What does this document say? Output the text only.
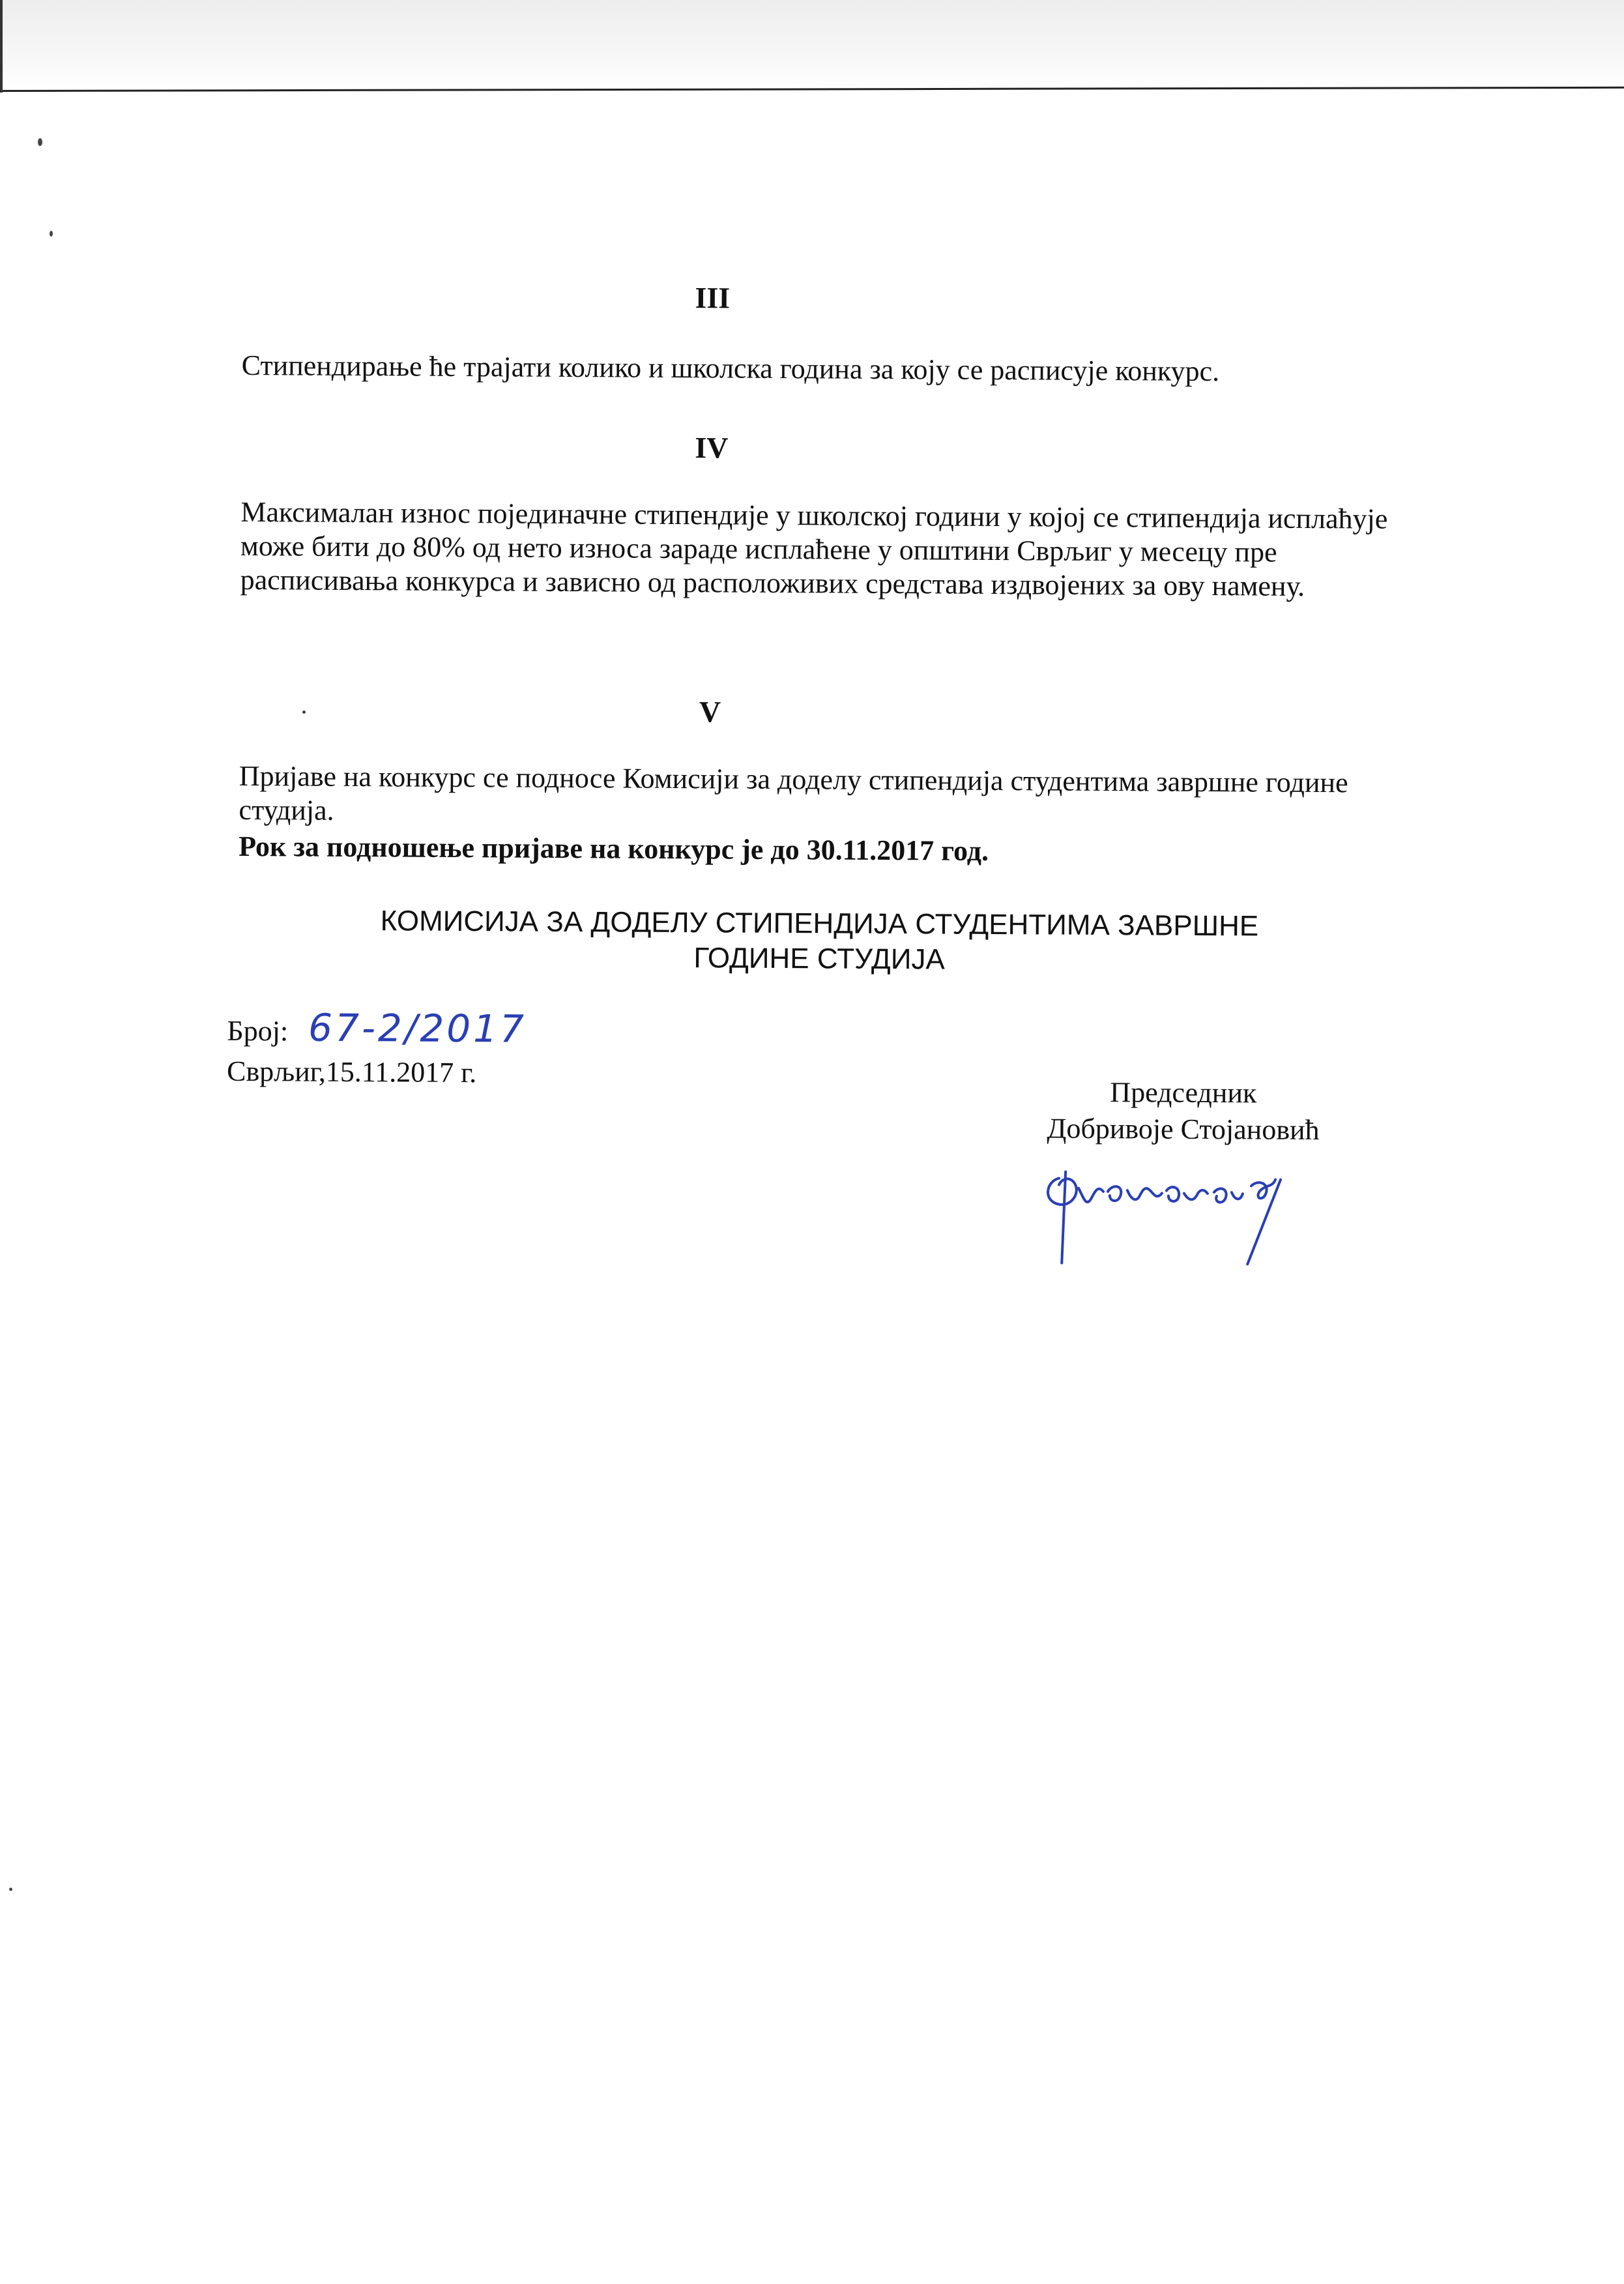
III

Стипендирање ће трајати колико и школска година за коју се расписује конкурс.

IV

Максималан износ појединачне стипендије у школској години у којој се стипендија исплаћује може бити до 80% од нето износа зараде исплаћене у општини Сврљиг у месецу пре расписивања конкурса и зависно од расположивих средстава издвојених за ову намену.

V

Пријаве на конкурс се подносе Комисији за доделу стипендија студентима завршне године студија.

Рок за подношење пријаве на конкурс је до 30.11.2017 год.

КОМИСИЈА ЗА ДОДЕЛУ СТИПЕНДИЈА СТУДЕНТИМА ЗАВРШНЕ
ГОДИНЕ СТУДИЈА
Број: 67-2/2017
Сврљиг,15.11.2017 г.
Председник
Добривоје Стојановић
